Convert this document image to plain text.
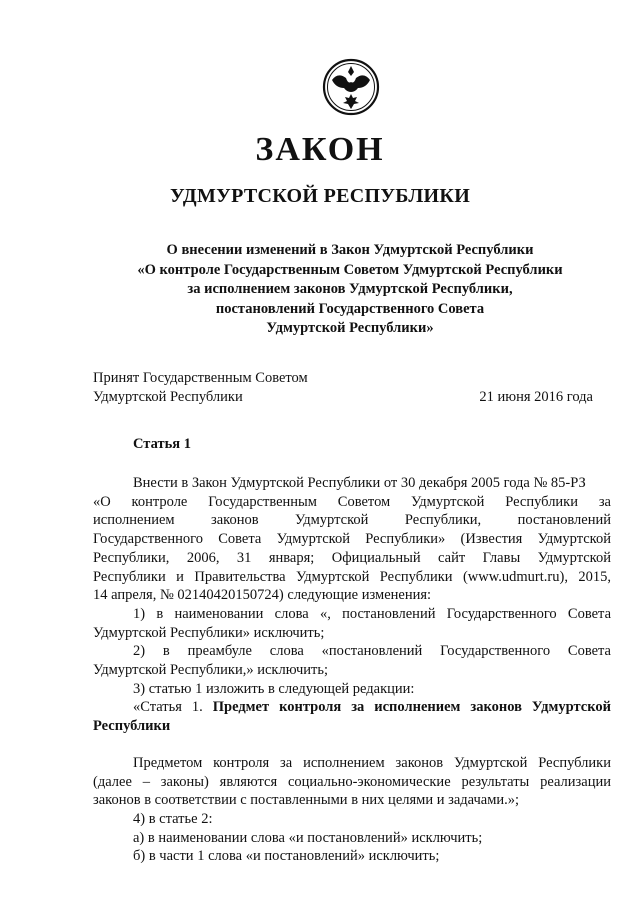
ЗАКОН
УДМУРТСКОЙ РЕСПУБЛИКИ
О внесении изменений в Закон Удмуртской Республики
«О контроле Государственным Советом Удмуртской Республики
за исполнением законов Удмуртской Республики,
постановлений Государственного Совета
Удмуртской Республики»
Принят Государственным Советом
Удмуртской Республики	21 июня 2016 года
Статья 1

Внести в Закон Удмуртской Республики от 30 декабря 2005 года № 85-РЗ

«О контроле Государственным Советом Удмуртской Республики за

исполнением законов Удмуртской Республики, постановлений

Государственного Совета Удмуртской Республики» (Известия Удмуртской

Республики, 2006, 31 января; Официальный сайт Главы Удмуртской

Республики и Правительства Удмуртской Республики (www.udmurt.ru), 2015,

14 апреля, № 02140420150724) следующие изменения:

1) в наименовании слова «, постановлений Государственного Совета

Удмуртской Республики» исключить;

2) в преамбуле слова «постановлений Государственного Совета

Удмуртской Республики,» исключить;

3) статью 1 изложить в следующей редакции:

«Статья 1. Предмет контроля за исполнением законов Удмуртской

Республики

Предметом контроля за исполнением законов Удмуртской Республики

(далее – законы) являются социально-экономические результаты реализации

законов в соответствии с поставленными в них целями и задачами.»;

4) в статье 2:

а) в наименовании слова «и постановлений» исключить;

б) в части 1 слова «и постановлений» исключить;
